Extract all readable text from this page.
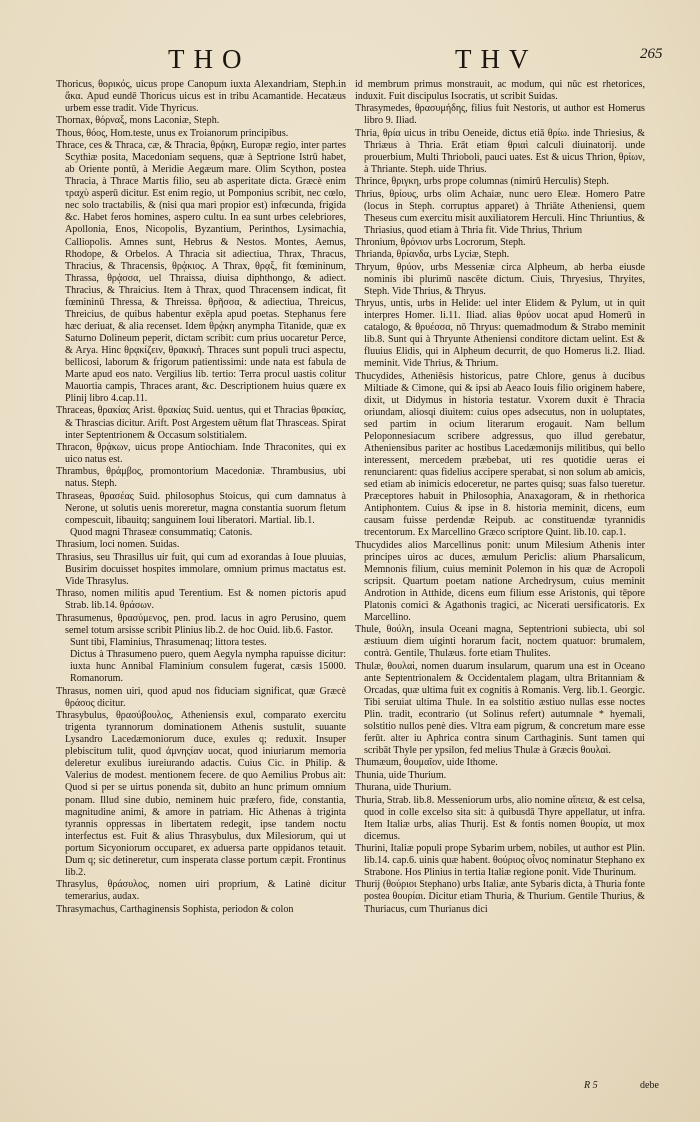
THO	THV	265

Thoricus, θορικός, uicus prope Canopum iuxta Alexandriam, Steph.in ἄκα. Apud eundē Thoricus uicus est in tribu Acamantide. Hecatæus urbem esse tradit. Vide Thyricus.

Thornax, θόρναξ, mons Laconiæ, Steph.

Thous, θόος, Hom.teste, unus ex Troianorum principibus.

Thrace, ces & Thraca, cæ, & Thracia, θρᾴκη, Europæ regio, inter partes Scythiæ posita, Macedoniam sequens, quæ à Septrione Istrū habet, ab Oriente pontū, à Meridie Aegæum mare. Olim Scython, postea Thracia, à Thrace Martis filio, seu ab asperitate dicta. Græcè enim τραχὺ asperū dicitur. Est enim regio, ut Pomponius scribit, nec cœlo, nec solo tractabilis, & (nisi qua mari propior est) infœcunda, frigida &c. Habet feros homines, aspero cultu. In ea sunt urbes celebriores, Apollonia, Enos, Nicopolis, Byzantium, Perinthos, Lysimachia, Calliopolis. Amnes sunt, Hebrus & Nestos. Montes, Aemus, Rhodope, & Orbelos. A Thracia sit adiectiua, Thrax, Thracus, Thracius, & Thracensis, θρᾴκιος. A Thrax, θρᾳξ, fit fœmininum, Thrassa, θρᾴσσα, uel Thraissa, diuisa diphthongo, & adiect. Thracius, & Thraicius. Item à Thrax, quod Thracensem indicat, fit fœmininū Thressa, & Threissa. θρῆσσα, & adiectiua, Threicus, Threicius, de quibus habentur exēpla apud poetas. Stephanus fere hæc deriuat, & alia recenset. Idem θρᾴκη anympha Titanide, quæ ex Saturno Dolineum peperit, dictam scribit: cum prius uocaretur Perce, & Arya. Hinc θρᾳκίζειν, θρακικὴ. Thraces sunt populi truci aspectu, bellicosi, laborum & frigorum patientissimi: unde nata est fabula de Marte apud eos nato. Vergilius lib. tertio: Terra procul uastis colitur Mauortia campis, Thraces arant, &c. Descriptionem huius quære ex Plinij libro 4.cap.11.

Thraceas, θρακίας Arist. θρακίας Suid. uentus, qui et Thracias θρακίας, & Thrascias dicitur. Arift. Post Argestem uētum flat Thrasceas. Spirat inter Septentrionem & Occasum solstitialem.

Thracon, θρᾴκων, uicus prope Antiochiam. Inde Thraconites, qui ex uico natus est.

Thrambus, θράμβος, promontorium Macedoniæ. Thrambusius, ubi natus. Steph.

Thraseas, θρασέας Suid. philosophus Stoicus, qui cum damnatus à Nerone, ut solutis uenis moreretur, magna constantia suorum fletum compescuit, libauitq; sanguinem Ioui liberatori. Martial. lib.1.

Quod magni Thraseæ consummatiq; Catonis.

Thrasium, loci nomen. Suidas.

Thrasius, seu Thrasillus uir fuit, qui cum ad exorandas à Ioue pluuias, Busirim docuisset hospites immolare, omnium primus mactatus est. Vide Thrasylus.

Thraso, nomen militis apud Terentium. Est & nomen pictoris apud Strab. lib.14. θράσων.

Thrasumenus, θρασύμενος, pen. prod. lacus in agro Perusino, quem semel totum arsisse scribit Plinius lib.2. de hoc Ouid. lib.6. Fastor.

Sunt tibi, Flaminius, Thrasumenaq; littora testes.

Dictus à Thrasumeno puero, quem Aegyla nympha rapuisse dicitur: iuxta hunc Annibal Flaminium consulem fugerat, cæsis 15000. Romanorum.

Thrasus, nomen uiri, quod apud nos fiduciam significat, quæ Græcè θράσος dicitur.

Thrasybulus, θρασύβουλος, Atheniensis exul, comparato exercitu trigenta tyrannorum dominationem Athenis sustulit, suuante Lysandro Lacedæmoniorum duce, exules q; reduxit. Insuper plebiscitum tulit, quod ἀμνηςίαν uocat, quod iniuriarum memoria deleretur exulibus iureiurando adactis. Cuius Cic. in Philip. & Valerius de modest. mentionem fecere. de quo Aemilius Probus ait: Quod si per se uirtus ponenda sit, dubito an hunc primum omnium ponam. Illud sine dubio, neminem huic præfero, fide, constantia, magnitudine animi, & amore in patriam. Hic Athenas à triginta tyrannis oppressas in libertatem redegit, ipse tandem noctu interfectus est. Fuit & alius Thrasybulus, dux Milesiorum, qui ut portum Sicyoniorum occuparet, ex aduersa parte oppidanos tetauit. Dum q; sic detineretur, cum insperata classe portum cæpit. Frontinus lib.2.

Thrasylus, θράσυλος, nomen uiri proprium, & Latinè dicitur temerarius, audax.

Thrasymachus, Carthaginensis Sophista, periodon & colon

id membrum primus monstrauit, ac modum, qui nūc est rhetorices, induxit. Fuit discipulus Isocratis, ut scribit Suidas.

Thrasymedes, θρασυμήδης, filius fuit Nestoris, ut author est Homerus libro 9. Iliad.

Thria, θρία uicus in tribu Oeneide, dictus etiā θρίω. inde Thriesius, & Thriæus à Thria. Erāt etiam θριαὶ calculi diuinatorij. unde prouerbium, Multi Thrioboli, pauci uates. Est & uicus Thrion, θρίων, à Thriante. Steph. uide Thrius.

Thrince, θριγκη, urbs prope columnas (nimirū Herculis) Steph.

Thrius, θρίους, urbs olim Achaiæ, nunc uero Eleæ. Homero Patre (locus in Steph. corruptus apparet) à Thriāte Atheniensi, quem Theseus cum exercitu misit auxiliatorem Herculi. Hinc Thriuntius, & Thriasius, quod etiam à Thria fit. Vide Thrius, Thrium

Thronium, θρόνιον urbs Locrorum, Steph.

Thrianda, θρίανδα, urbs Lyciæ, Steph.

Thryum, θρύον, urbs Messeniæ circa Alpheum, ab herba eiusde nominis ibi plurimū nascēte dictum. Ciuis, Thryesius, Thryites, Steph. Vide Thrius, & Thryus.

Thryus, untis, urbs in Helide: uel inter Elidem & Pylum, ut in quit interpres Homer. li.11. Iliad. alias θρύον uocat apud Homerū in catalogo, & θρυέσσα, nō Thryus: quemadmodum & Strabo meminit lib.8. Sunt qui à Thryunte Atheniensi conditore dictam uelint. Est & fluuius Elidis, qui in Alpheum decurrit, de quo Homerus li.2. Iliad. meminit. Vide Thrius, & Thrium.

Thucydides, Atheniēsis historicus, patre Chlore, genus à ducibus Miltiade & Cimone, qui & ipsi ab Aeaco Iouis filio originem habere, dixit, ut Didymus in historia testatur. Vxorem duxit è Thracia oriundam, aliosqi diuitem: cuius opes adsecutus, non in uoluptates, sed partim in ocium literarum erogauit. Nam bellum Peloponnesiacum scribere adgressus, quo illud gerebatur, Atheniensibus pariter ac hostibus Lacedæmonijs militibus, qui bello interessent, mercedem præbebat, uti res quotidie ueras ei renunciarent: quas fidelius accipere sperabat, si non solum ab amicis, sed etiam ab inimicis edoceretur, ne partes quisq; suas falso tueretur. Præceptores habuit in Philosophia, Anaxagoram, & in rhethorica Antiphontem. Cuius & ipse in 8. historia meminit, dicens, eum causam fuisse perdendæ Reipub. ac constituendæ tyrannidis trecentorum. Ex Marcellino Græco scriptore Quint. lib.10. cap.1.

Thucydides alios Marcellinus ponit: unum Milesium Athenis inter principes uiros ac duces, æmulum Periclis: alium Pharsalicum, Memnonis filium, cuius meminit Polemon in his quæ de Acropoli scripsit. Quartum poetam natione Archedrysum, cuius meminit Androtion in Atthide, dicens eum filium esse Aristonis, qui tēpore Platonis comici & Agathonis tragici, ac Nicerati uersificatoris. Ex Marcellino.

Thule, θούλη, insula Oceani magna, Septentrioni subiecta, ubi sol æstiuum diem uiginti horarum facit, noctem quatuor: brumalem, contrà. Gentile, Thulæus. forte etiam Thulites.

Thulæ, θουλαὶ, nomen duarum insularum, quarum una est in Oceano ante Septentrionalem & Occidentalem plagam, ultra Britanniam & Orcadas, quæ ultima fuit ex cognitis à Romanis. Verg. lib.1. Georgic. Tibi seruiat ultima Thule. In ea solstitio æstiuo nullas esse noctes Plin. tradit, econtrario (ut Solinus refert) autumnale * hyemali, solstitio nullos penè dies. Vltra eam pigrum, & concretum mare esse ferūt. alter iu Aphrica contra sinum Carthaginis. Sunt tamen qui scribāt Thyle per ypsilon, fed melius Thulæ à Græcis θουλαὶ.

Thumæum, θουμαῖον, uide Ithome.

Thunia, uide Thurium.

Thurana, uide Thurium.

Thuria, Strab. lib.8. Messeniorum urbs, alio nomine αἴπεια, & est celsa, quod in colle excelso sita sit: à quibusdā Thyre appellatur, ut infra. Item Italiæ urbs, alias Thurij. Est & fontis nomen θουρία, ut mox dicemus.

Thurini, Italiæ populi prope Sybarim urbem, nobiles, ut author est Plin. lib.14. cap.6. uinis quæ habent. θούριος οἶνος nominatur Stephano ex Strabone. Hos Plinius in tertia Italiæ regione ponit. Vide Thurinum.

Thurij (θούριοι Stephano) urbs Italiæ, ante Sybaris dicta, à Thuria fonte postea θουρίαι. Dicitur etiam Thuria, & Thurium. Gentile Thurius, & Thuriacus, cum Thurianus dici

R 5	debe
